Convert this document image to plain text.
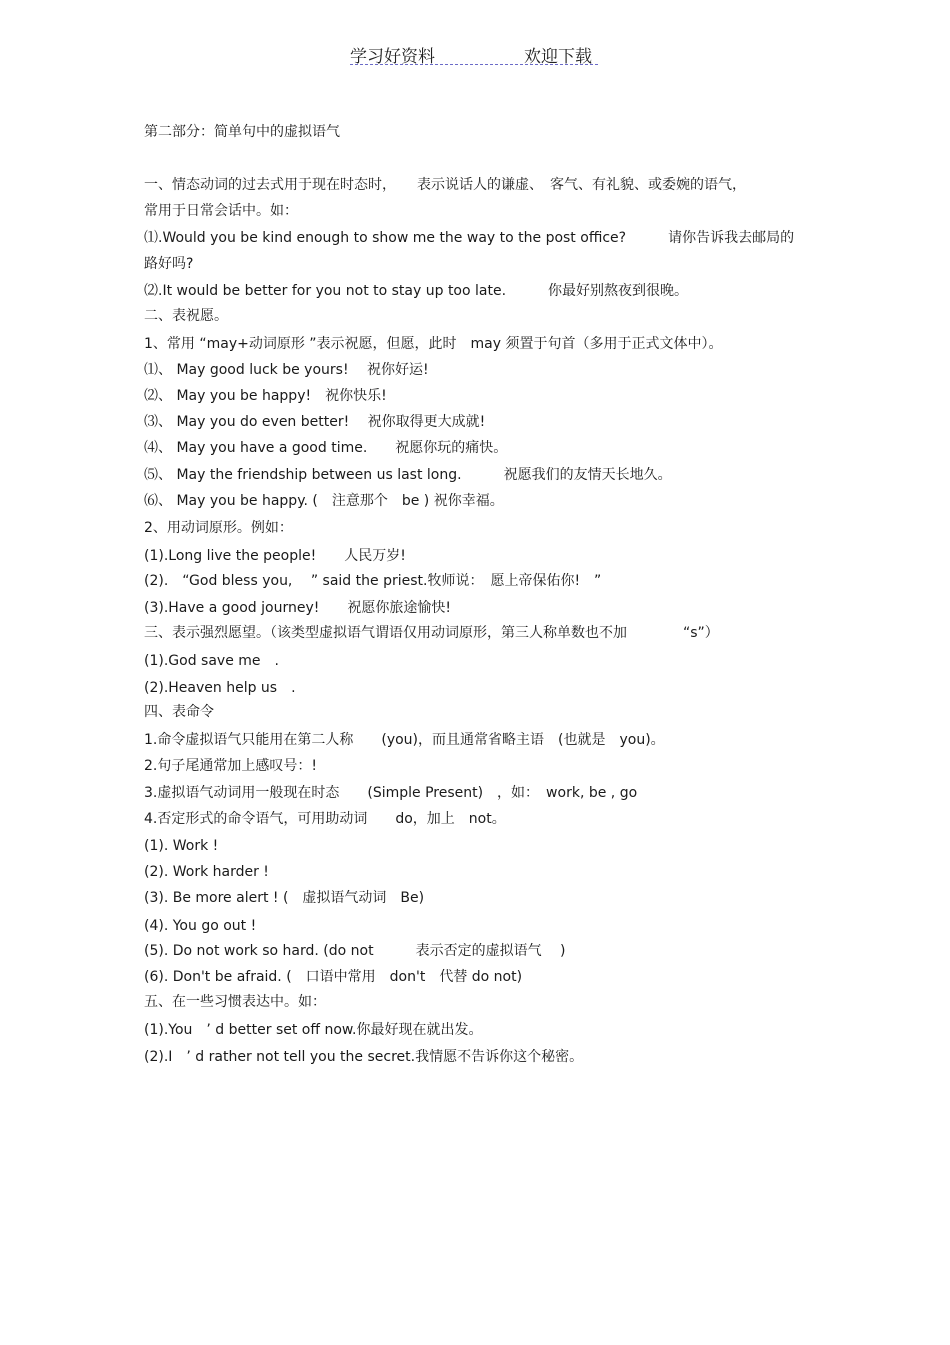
学习好资料	欢迎下载
第二部分：简单句中的虚拟语气
一、情态动词的过去式用于现在时态时，　　表示说话人的谦虚、　客气、有礼貌、或委婉的语气，
常用于日常会话中。如：
⑴.Would you be kind enough to show me the way to the post office?　　　请你告诉我去邮局的
路好吗?
⑵.It would be better for you not to stay up too late.　　　你最好别熬夜到很晚。
二、表祝愿。
1、常用 “may+动词原形 ”表示祝愿，但愿，此时　may 须置于句首（多用于正式文体中）。
⑴、 May good luck be yours!　 祝你好运!
⑵、 May you be happy!　祝你快乐!
⑶、 May you do even better!　 祝你取得更大成就!
⑷、 May you have a good time.　　祝愿你玩的痛快。
⑸、 May the friendship between us last long.　　　祝愿我们的友情天长地久。
⑹、 May you be happy. (　注意那个　be ) 祝你幸福。
2、用动词原形。例如：
(1).Long live the people!　　人民万岁!
(2).　“God bless you,　 ” said the priest.牧师说：　愿上帝保佑你!　”
(3).Have a good journey!　　祝愿你旅途愉快!
三、表示强烈愿望。（该类型虚拟语气谓语仅用动词原形，第三人称单数也不加　　　　“s”）
(1).God save me　.
(2).Heaven help us　.
四、表命令
1.命令虚拟语气只能用在第二人称　　(you)，而且通常省略主语　(也就是　you)。
2.句子尾通常加上感叹号：!
3.虚拟语气动词用一般现在时态　　(Simple Present)　，如：　work, be , go
4.否定形式的命令语气，可用助动词　　do，加上　not。
(1). Work !
(2). Work harder !
(3). Be more alert ! (　虚拟语气动词　Be)
(4). You go out !
(5). Do not work so hard. (do not　　　表示否定的虚拟语气　 )
(6). Don't be afraid. (　口语中常用　don't　代替 do not)
五、在一些习惯表达中。如：
(1).You　’ d better set off now.你最好现在就出发。
(2).I　’ d rather not tell you the secret.我情愿不告诉你这个秘密。
